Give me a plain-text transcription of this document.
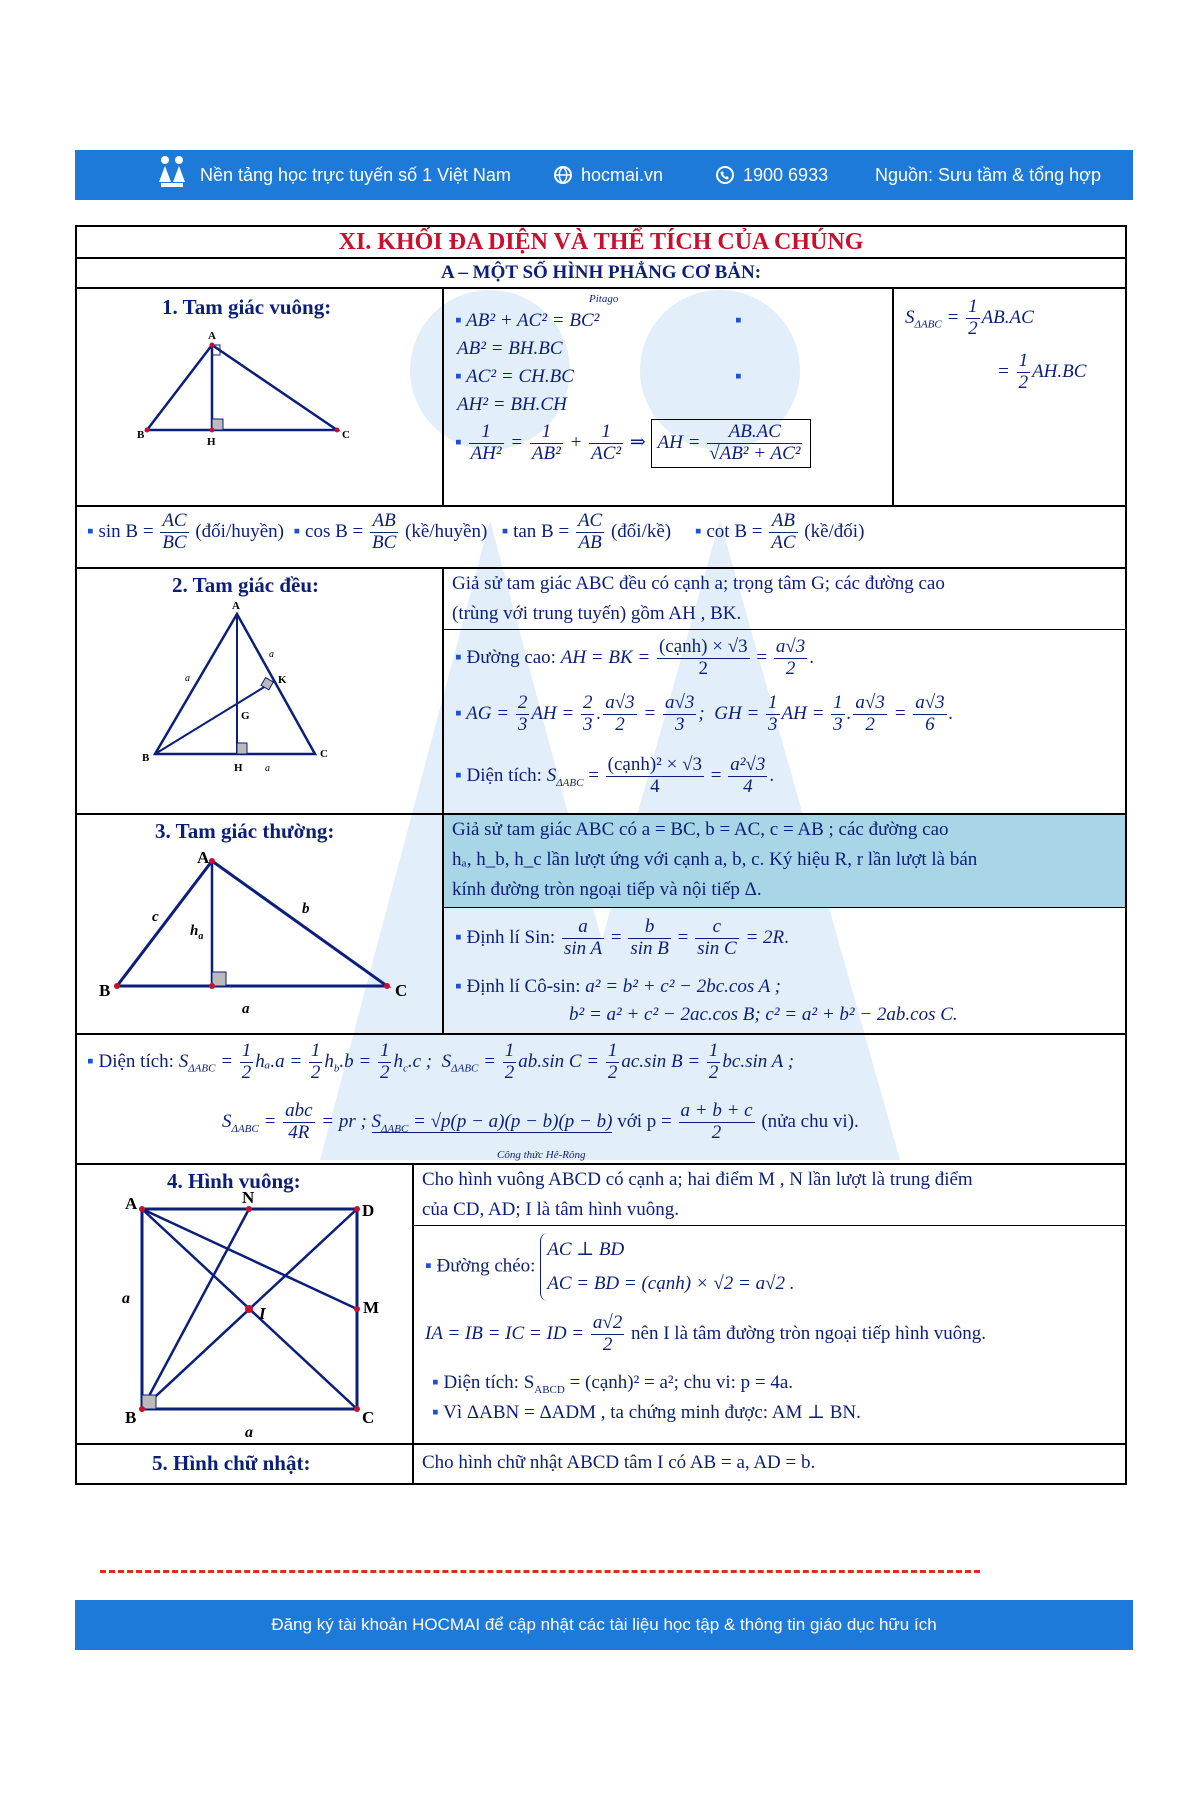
Nền tảng học trực tuyến số 1 Việt Nam	hocmai.vn	1900 6933	Nguồn: Sưu tầm & tổng hợp
XI. KHỐI ĐA DIỆN VÀ THỂ TÍCH CỦA CHÚNG
A – MỘT SỐ HÌNH PHẲNG CƠ BẢN:
1. Tam giác vuông:
A
B
H
C
Pitago
▪ AB² + AC² = BC²	▪
AB² = BH.BC
▪ AC² = CH.BC	▪
AH² = BH.CH
▪ $\frac{1}{\text{AH²}} = \frac{1}{\text{AB²}} + \frac{1}{\text{AC²}}$ ⇒ AH = $\frac{AB.AC}{\text{√AB² + AC²}}$
$S_{\Delta ABC} = \frac{1}{2} AB.AC$
= $\frac{1}{2} AH.BC$
▪ $\sin B = \frac{AC}{BC}$ (đối/huyền) ▪ $\cos B = \frac{AB}{BC}$ (kề/huyền) ▪ $\tan B = \frac{AC}{AB}$ (đối/kề) ▪ $\cot B = \frac{AB}{AC}$ (kề/đối)
2. Tam giác đều:
A
B
H
C
K
G
a
a
a
Giả sử tam giác ABC đều có cạnh a; trọng tâm G; các đường cao
(trùng với trung tuyến) gồm AH , BK.
▪ Đường cao: AH = BK = $\frac{\text{(cạnh) × √3}}{2} = \frac{a√3}{2}$ .
▪ AG = $\frac{2}{3}$ AH = $\frac{2}{3}$ . $\frac{a√3}{2} = \frac{a√3}{3}$ ;  GH = $\frac{1}{3}$ AH = $\frac{1}{3}$ . $\frac{a√3}{2} = \frac{a√3}{6}$ .
▪ Diện tích: $S_{\Delta ABC} = \frac{\text{(cạnh)² × √3}}{4} = \frac{\text{a²√3}}{4}$ .
3. Tam giác thường:
A
B	C
c	b
a
$h_a$
Giả sử tam giác ABC có a = BC, b = AC, c = AB ; các đường cao
hₐ, h_b, h_c lần lượt ứng với cạnh a, b, c. Ký hiệu R, r lần lượt là bán
kính đường tròn ngoại tiếp và nội tiếp Δ.
▪ Định lí Sin: $\frac{a}{\text{sin A}} = \frac{b}{\text{sin B}} = \frac{c}{\text{sin C}} = 2R$.
▪ Định lí Cô-sin: a² = b² + c² − 2bc.cos A ;
b² = a² + c² − 2ac.cos B; c² = a² + b² − 2ab.cos C.
▪ Diện tích: $S_{\Delta ABC} = \frac{1}{2} h_a.a = \frac{1}{2} h_b.b = \frac{1}{2} h_c.c$ ;  $S_{\Delta ABC} = \frac{1}{2} ab.\sin$ $C = \frac{1}{2} ac.\sin$ $B = \frac{1}{2} bc.\sin$ A ;
$S_{\Delta ABC} = \frac{\text{abc}}{4R}$ = pr ; $S_{\Delta ABC} = √p(p - a)(p - b)(p - b)$ với $p = \frac{a + b + c}{2}$ (nửa chu vi).
Công thức Hê-Rông
4. Hình vuông:
A	N
D
M
I
B	C
a
a
Cho hình vuông ABCD có cạnh a; hai điểm M , N lần lượt là trung điểm
của CD, AD; I là tâm hình vuông.
▪ Đường chéo:
AC ⊥ BD
AC = BD = (cạnh) × √2 = a√2 .
IA = IB = IC = ID = $\frac{a√2}{2}$ nên I là tâm đường tròn ngoại tiếp hình vuông.
▪ Diện tích: $S_{ABCD}$ = (cạnh)² = a²; chu vi: p = 4a.
▪ Vì ΔABN = ΔADM , ta chứng minh được: AM ⊥ BN.
5. Hình chữ nhật:	Cho hình chữ nhật ABCD tâm I có AB = a, AD = b.
Đăng ký tài khoản HOCMAI để cập nhật các tài liệu học tập & thông tin giáo dục hữu ích
